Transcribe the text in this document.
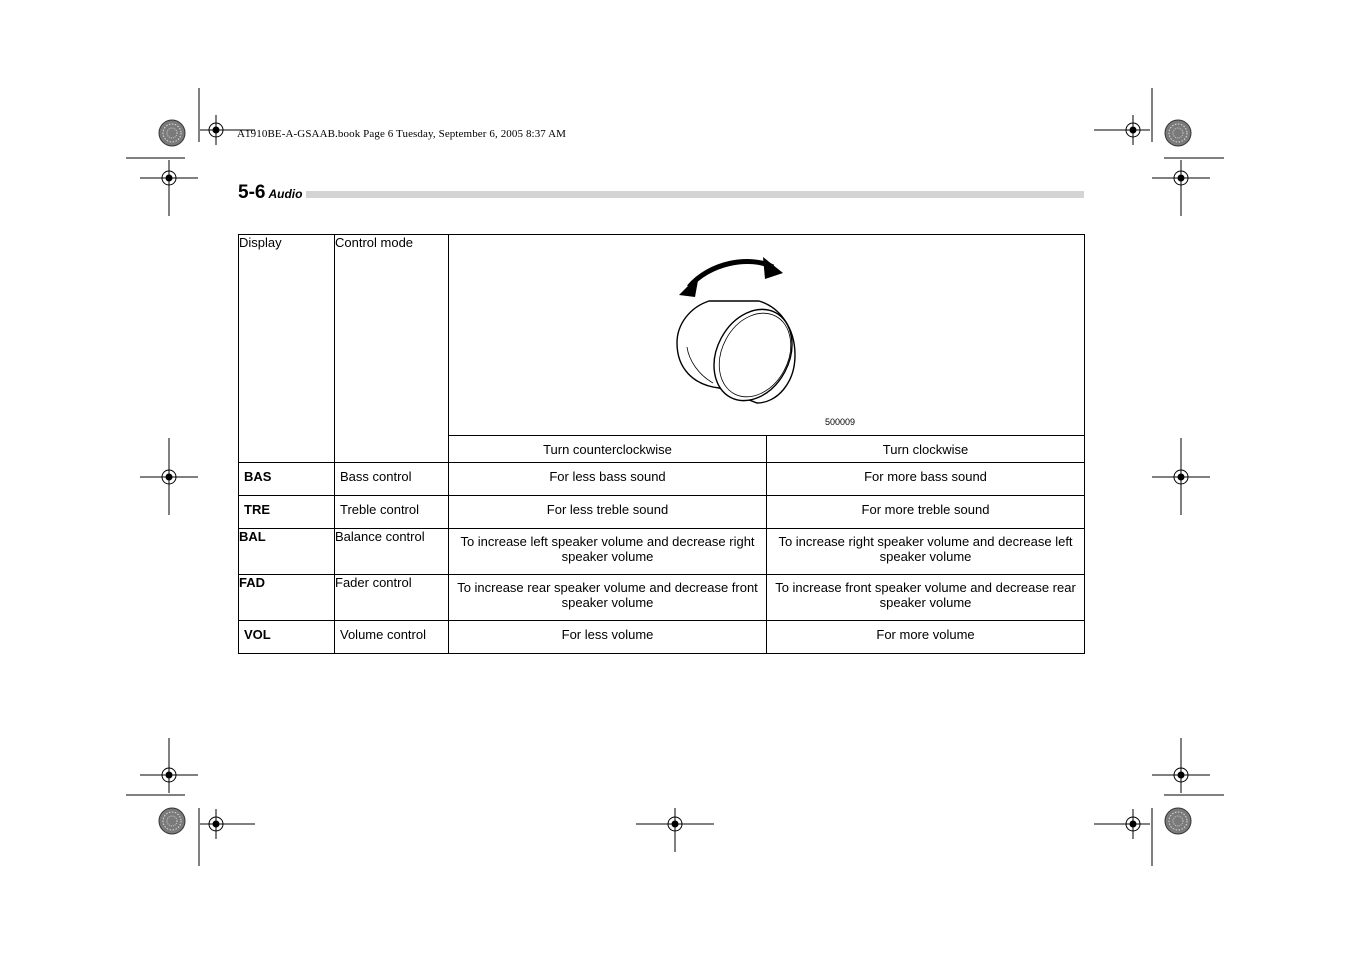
A1910BE-A-GSAAB.book Page 6 Tuesday, September 6, 2005 8:37 AM
5-6 Audio
Display	Control mode	500009	

		Turn counterclockwise	Turn clockwise
BAS	Bass control	For less bass sound	For more bass sound
TRE	Treble control	For less treble sound	For more treble sound
BAL	Balance control	To increase left speaker volume and decrease right speaker volume	To increase right speaker volume and decrease left speaker volume
FAD	Fader control	To increase rear speaker volume and decrease front speaker volume	To increase front speaker volume and decrease rear speaker volume
VOL	Volume control	For less volume	For more volume
